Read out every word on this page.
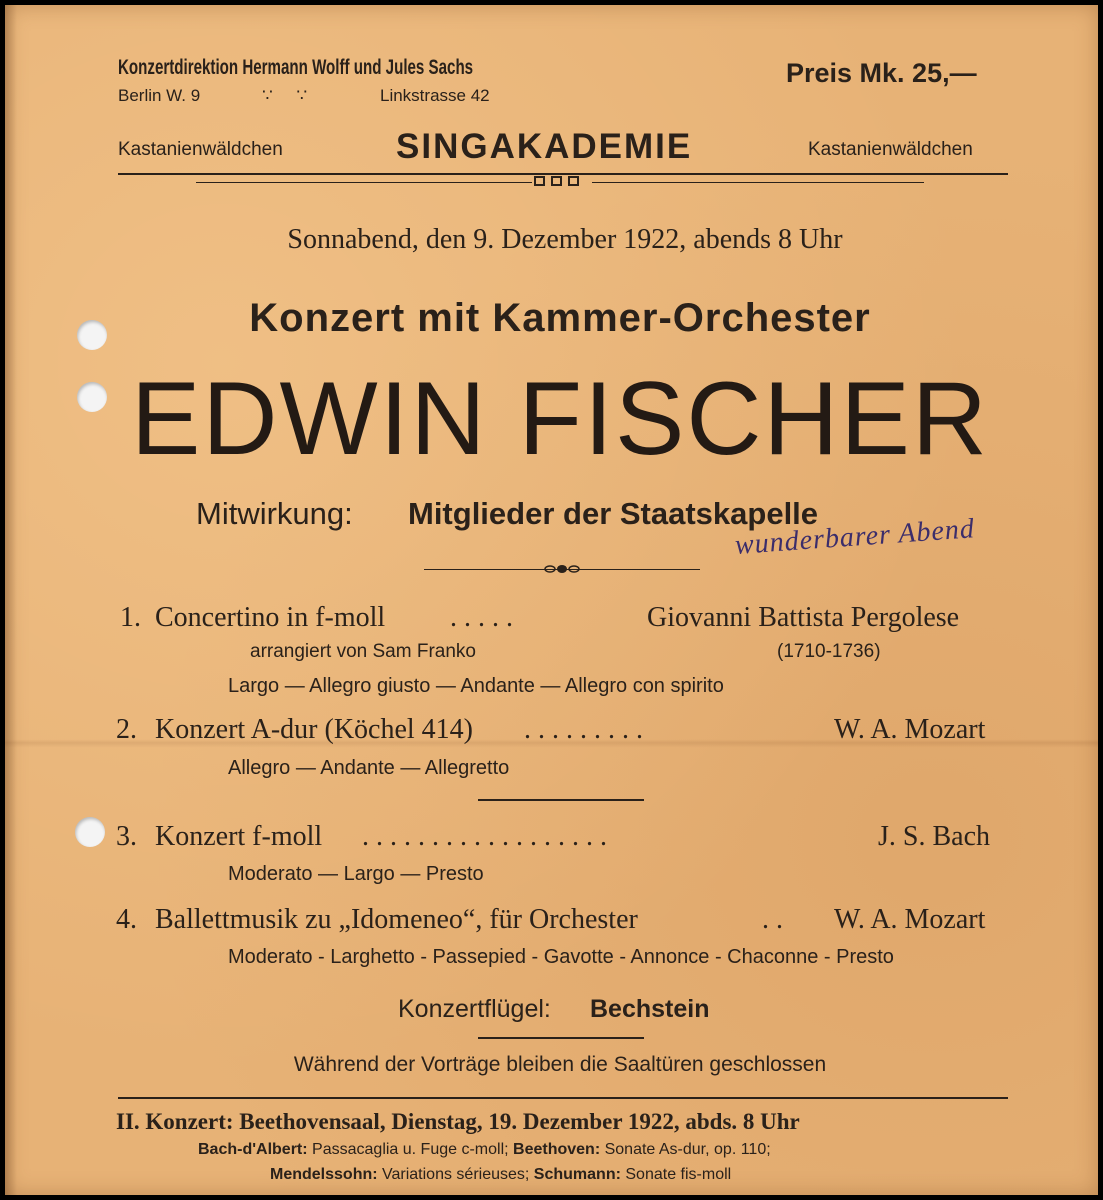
Konzertdirektion Hermann Wolff und Jules Sachs
Berlin W. 9	∵     ∵	Linkstrasse 42
Preis Mk. 25,—
Kastanienwäldchen	SINGAKADEMIE	Kastanienwäldchen
Sonnabend, den 9. Dezember 1922, abends 8 Uhr
Konzert mit Kammer-Orchester
EDWIN FISCHER
Mitwirkung: Mitglieder der Staatskapelle
wunderbarer Abend
1. Concertino in f-moll . . . . .	Giovanni Battista Pergolese
arrangiert von Sam Franko	(1710-1736)
Largo — Allegro giusto — Andante — Allegro con spirito
2. Konzert A-dur (Köchel 414) . . . . . . . . .	W. A. Mozart
Allegro — Andante — Allegretto
3. Konzert f-moll . . . . . . . . . . . . . . . . . .	J. S. Bach
Moderato — Largo — Presto
4. Ballettmusik zu „Idomeneo“, für Orchester	. . W. A. Mozart
Moderato - Larghetto - Passepied - Gavotte - Annonce - Chaconne - Presto
Konzertflügel: Bechstein
Während der Vorträge bleiben die Saaltüren geschlossen
II. Konzert: Beethovensaal, Dienstag, 19. Dezember 1922, abds. 8 Uhr
Bach-d'Albert: Passacaglia u. Fuge c-moll; Beethoven: Sonate As-dur, op. 110;
Mendelssohn: Variations sérieuses; Schumann: Sonate fis-moll
